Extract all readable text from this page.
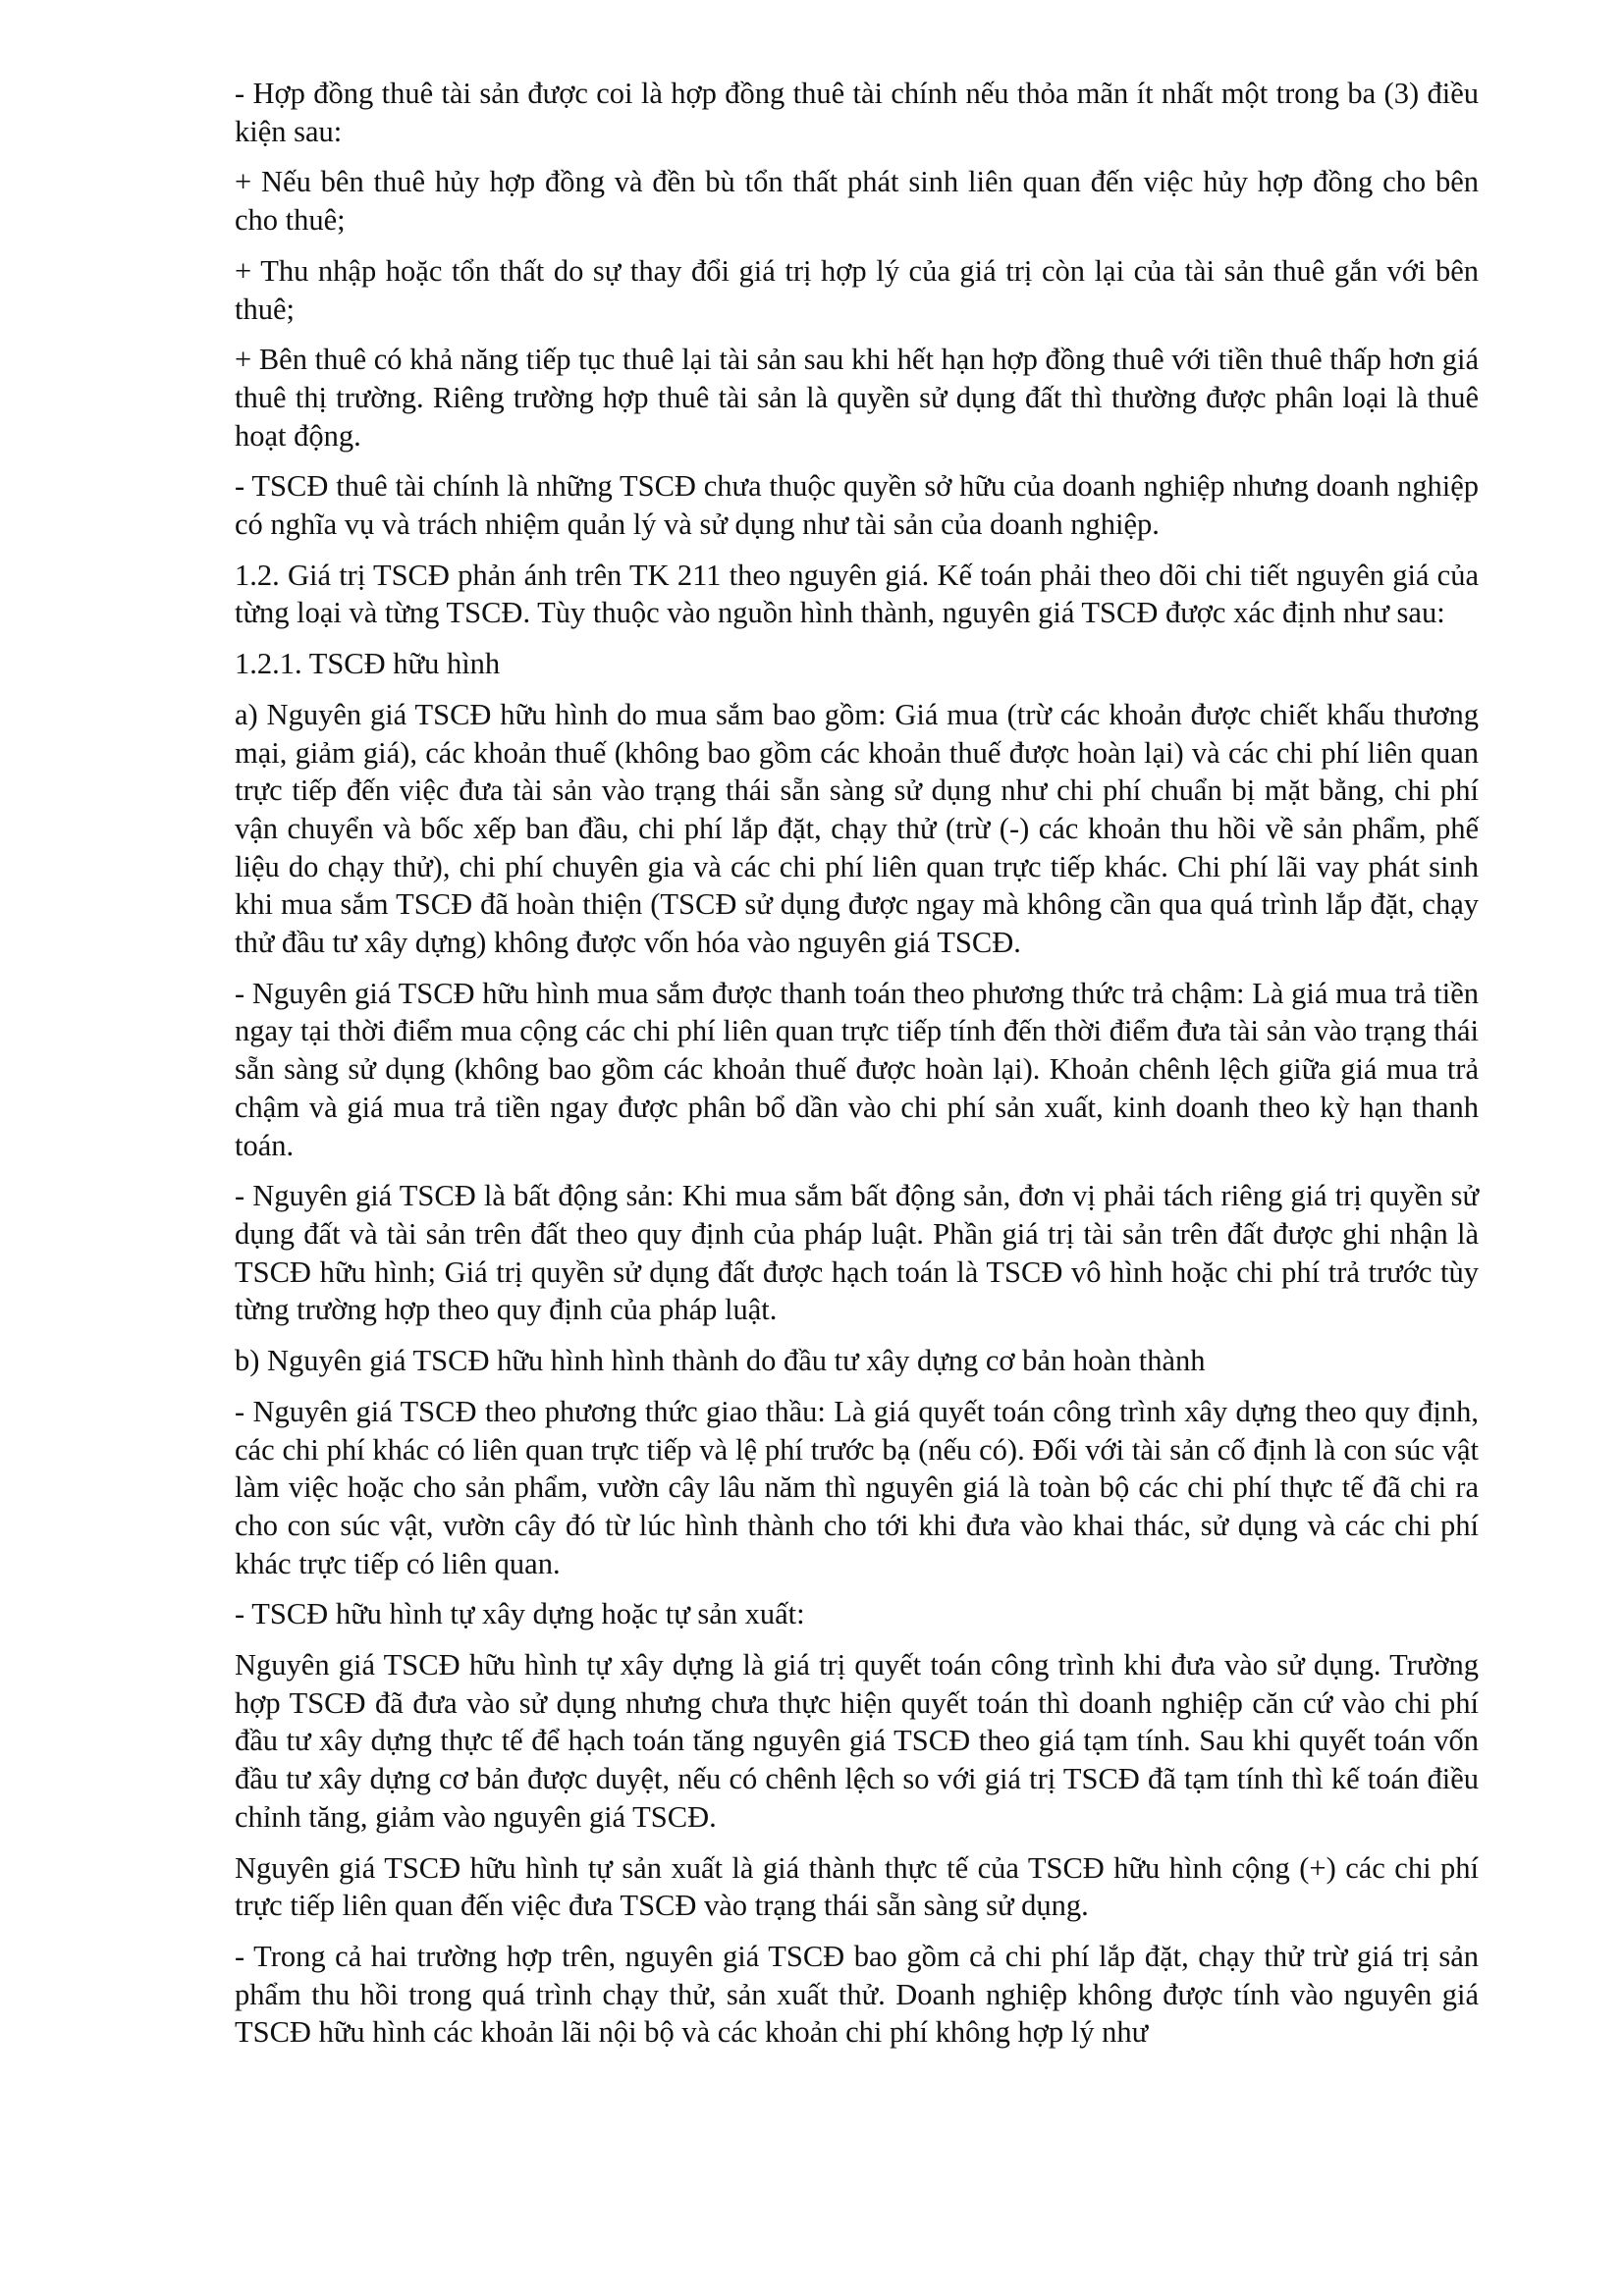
- Hợp đồng thuê tài sản được coi là hợp đồng thuê tài chính nếu thỏa mãn ít nhất một trong ba (3) điều kiện sau:

+ Nếu bên thuê hủy hợp đồng và đền bù tổn thất phát sinh liên quan đến việc hủy hợp đồng cho bên cho thuê;

+ Thu nhập hoặc tổn thất do sự thay đổi giá trị hợp lý của giá trị còn lại của tài sản thuê gắn với bên thuê;

+ Bên thuê có khả năng tiếp tục thuê lại tài sản sau khi hết hạn hợp đồng thuê với tiền thuê thấp hơn giá thuê thị trường. Riêng trường hợp thuê tài sản là quyền sử dụng đất thì thường được phân loại là thuê hoạt động.

- TSCĐ thuê tài chính là những TSCĐ chưa thuộc quyền sở hữu của doanh nghiệp nhưng doanh nghiệp có nghĩa vụ và trách nhiệm quản lý và sử dụng như tài sản của doanh nghiệp.

1.2. Giá trị TSCĐ phản ánh trên TK 211 theo nguyên giá. Kế toán phải theo dõi chi tiết nguyên giá của từng loại và từng TSCĐ. Tùy thuộc vào nguồn hình thành, nguyên giá TSCĐ được xác định như sau:

1.2.1. TSCĐ hữu hình

a) Nguyên giá TSCĐ hữu hình do mua sắm bao gồm: Giá mua (trừ các khoản được chiết khấu thương mại, giảm giá), các khoản thuế (không bao gồm các khoản thuế được hoàn lại) và các chi phí liên quan trực tiếp đến việc đưa tài sản vào trạng thái sẵn sàng sử dụng như chi phí chuẩn bị mặt bằng, chi phí vận chuyển và bốc xếp ban đầu, chi phí lắp đặt, chạy thử (trừ (-) các khoản thu hồi về sản phẩm, phế liệu do chạy thử), chi phí chuyên gia và các chi phí liên quan trực tiếp khác. Chi phí lãi vay phát sinh khi mua sắm TSCĐ đã hoàn thiện (TSCĐ sử dụng được ngay mà không cần qua quá trình lắp đặt, chạy thử đầu tư xây dựng) không được vốn hóa vào nguyên giá TSCĐ.

- Nguyên giá TSCĐ hữu hình mua sắm được thanh toán theo phương thức trả chậm: Là giá mua trả tiền ngay tại thời điểm mua cộng các chi phí liên quan trực tiếp tính đến thời điểm đưa tài sản vào trạng thái sẵn sàng sử dụng (không bao gồm các khoản thuế được hoàn lại). Khoản chênh lệch giữa giá mua trả chậm và giá mua trả tiền ngay được phân bổ dần vào chi phí sản xuất, kinh doanh theo kỳ hạn thanh toán.

- Nguyên giá TSCĐ là bất động sản: Khi mua sắm bất động sản, đơn vị phải tách riêng giá trị quyền sử dụng đất và tài sản trên đất theo quy định của pháp luật. Phần giá trị tài sản trên đất được ghi nhận là TSCĐ hữu hình; Giá trị quyền sử dụng đất được hạch toán là TSCĐ vô hình hoặc chi phí trả trước tùy từng trường hợp theo quy định của pháp luật.

b) Nguyên giá TSCĐ hữu hình hình thành do đầu tư xây dựng cơ bản hoàn thành

- Nguyên giá TSCĐ theo phương thức giao thầu: Là giá quyết toán công trình xây dựng theo quy định, các chi phí khác có liên quan trực tiếp và lệ phí trước bạ (nếu có). Đối với tài sản cố định là con súc vật làm việc hoặc cho sản phẩm, vườn cây lâu năm thì nguyên giá là toàn bộ các chi phí thực tế đã chi ra cho con súc vật, vườn cây đó từ lúc hình thành cho tới khi đưa vào khai thác, sử dụng và các chi phí khác trực tiếp có liên quan.

- TSCĐ hữu hình tự xây dựng hoặc tự sản xuất:

Nguyên giá TSCĐ hữu hình tự xây dựng là giá trị quyết toán công trình khi đưa vào sử dụng. Trường hợp TSCĐ đã đưa vào sử dụng nhưng chưa thực hiện quyết toán thì doanh nghiệp căn cứ vào chi phí đầu tư xây dựng thực tế để hạch toán tăng nguyên giá TSCĐ theo giá tạm tính. Sau khi quyết toán vốn đầu tư xây dựng cơ bản được duyệt, nếu có chênh lệch so với giá trị TSCĐ đã tạm tính thì kế toán điều chỉnh tăng, giảm vào nguyên giá TSCĐ.

Nguyên giá TSCĐ hữu hình tự sản xuất là giá thành thực tế của TSCĐ hữu hình cộng (+) các chi phí trực tiếp liên quan đến việc đưa TSCĐ vào trạng thái sẵn sàng sử dụng.

- Trong cả hai trường hợp trên, nguyên giá TSCĐ bao gồm cả chi phí lắp đặt, chạy thử trừ giá trị sản phẩm thu hồi trong quá trình chạy thử, sản xuất thử. Doanh nghiệp không được tính vào nguyên giá TSCĐ hữu hình các khoản lãi nội bộ và các khoản chi phí không hợp lý như
